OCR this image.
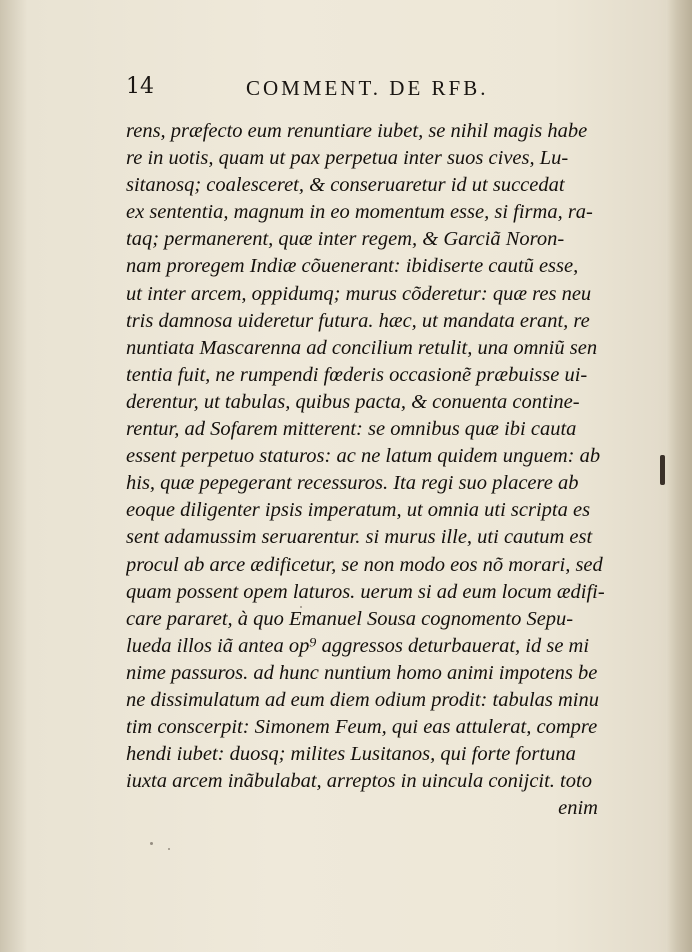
14	COMMENT. DE RFB.
rens, præfecto eum renuntiare iubet, se nihil magis habe
re in uotis, quam ut pax perpetua inter suos cives, Lu-
sitanosq; coalesceret, & conseruaretur id ut succedat
ex sententia, magnum in eo momentum esse, si firma, ra-
taq; permanerent, quæ inter regem, & Garciã Noron-
nam proregem Indiæ cõuenerant: ibidiserte cautũ esse,
ut inter arcem, oppidumq; murus cõderetur: quæ res neu
tris damnosa uideretur futura. hæc, ut mandata erant, re
nuntiata Mascarenna ad concilium retulit, una omniũ sen
tentia fuit, ne rumpendi fœderis occasionẽ præbuisse ui-
derentur, ut tabulas, quibus pacta, & conuenta contine-
rentur, ad Sofarem mitterent: se omnibus quæ ibi cauta
essent perpetuo staturos: ac ne latum quidem unguem: ab
his, quæ pepegerant recessuros. Ita regi suo placere ab
eoque diligenter ipsis imperatum, ut omnia uti scripta es
sent adamussim seruarentur. si murus ille, uti cautum est
procul ab arce ædificetur, se non modo eos nõ morari, sed
quam possent opem laturos. uerum si ad eum locum ædifi-
care pararet, à quo Emanuel Sousa cognomento Sepu-
lueda illos iã antea op⁹ aggressos deturbauerat, id se mi
nime passuros. ad hunc nuntium homo animi impotens be
ne dissimulatum ad eum diem odium prodit: tabulas minu
tim conscerpit: Simonem Feum, qui eas attulerat, compre
hendi iubet: duosq; milites Lusitanos, qui forte fortuna
iuxta arcem inãbulabat, arreptos in uincula conijcit. toto
enim
